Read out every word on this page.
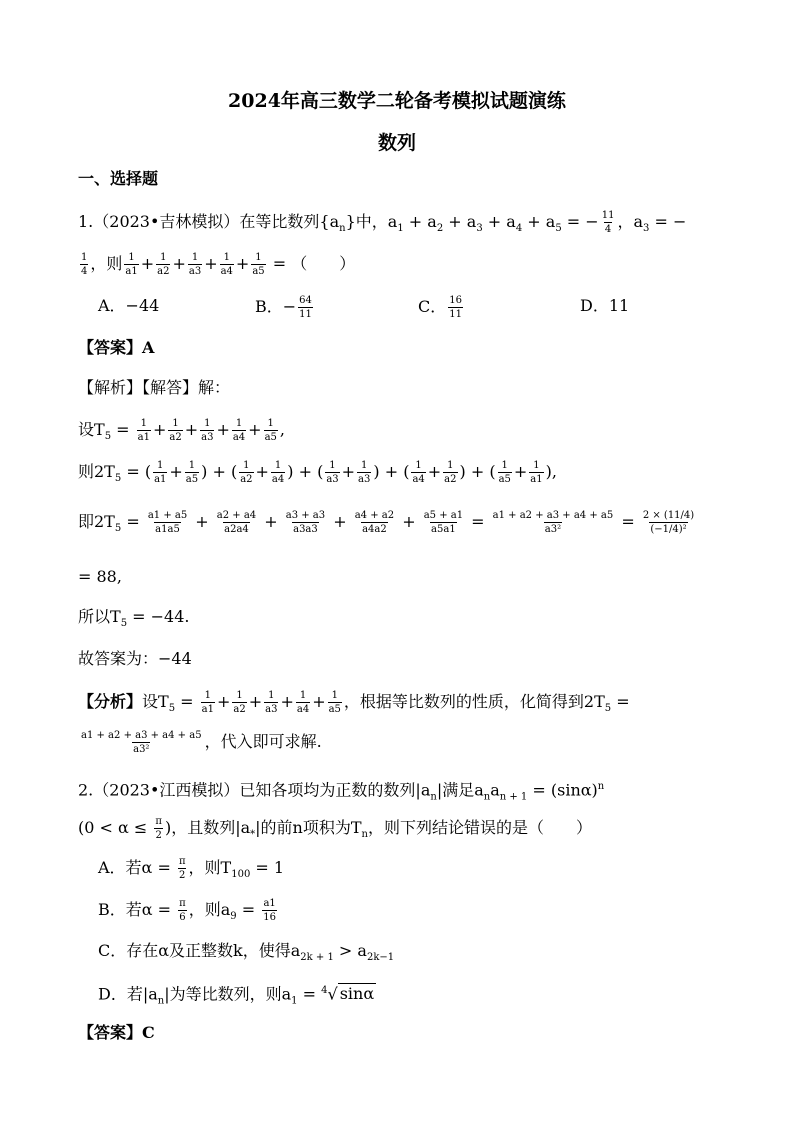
2024年高三数学二轮备考模拟试题演练
数列
一、选择题
1.（2023•吉林模拟）在等比数列$\{a_n\}$中，$a_1 + a_2 + a_3 + a_4 + a_5$ = − $\frac{11}{4}$ ，$a_3$ = −
$\frac{1}{4}$ ，则 $\frac{1}{a1} + \frac{1}{a2} + \frac{1}{a3} + \frac{1}{a4} + \frac{1}{a5}$ = （　　）
A．−44	B．− $\frac{64}{11}$	C． $\frac{16}{11}$	D．11
【答案】A
【解析】【解答】解：
设$T_5 = \frac{1}{a1} + \frac{1}{a2} + \frac{1}{a3} + \frac{1}{a4} + \frac{1}{a5}$ ,
则$2T_5$ = ( $\frac{1}{a1} + \frac{1}{a5}$ ) + ( $\frac{1}{a2} + \frac{1}{a4}$ ) + ( $\frac{1}{a3} + \frac{1}{a3}$ ) + ( $\frac{1}{a4} + \frac{1}{a2}$ ) + ( $\frac{1}{a5} + \frac{1}{a1}$ ),
即$2T_5 = \frac{a1 + a5}{a1a5} + \frac{a2 + a4}{a2a4} + \frac{a3 + a3}{a3a3} + \frac{a4 + a2}{a4a2} + \frac{a5 + a1}{a5a1} = \frac{a1 + a2 + a3 + a4 + a5}{\text{a3²}} = \frac{2 \times (11/4)}{\text{(−1/4)²}}$
= 88,
所以$T_5 = -44$.
故答案为：−44
【分析】设$T_5 = \frac{1}{a1} + \frac{1}{a2} + \frac{1}{a3} + \frac{1}{a4} + \frac{1}{a5}$ ，根据等比数列的性质，化简得到$2T_5$ =
$\frac{a1 + a2 + a3 + a4 + a5}{\text{a3²}}$ ，代入即可求解.
2.（2023•江西模拟）已知各项均为正数的数列$|a_n|$满足$a_na_{n + 1} = (\sin\alpha)^n$
($0 < \alpha \le \frac{\pi}{2}$ )，且数列$|a_*|$的前n项积为$T_n$，则下列结论错误的是（　　）
A．若$\alpha = \frac{\pi}{2}$ ，则$T_{100} = 1$
B．若$\alpha = \frac{\pi}{6}$ ，则$a_9 = \frac{a1}{16}$
C．存在α及正整数k，使得$a_{2k + 1} > a_{2k-1}$
D．若$|a_n|$为等比数列，则$a_1 = ^4√$ sinα
【答案】C
